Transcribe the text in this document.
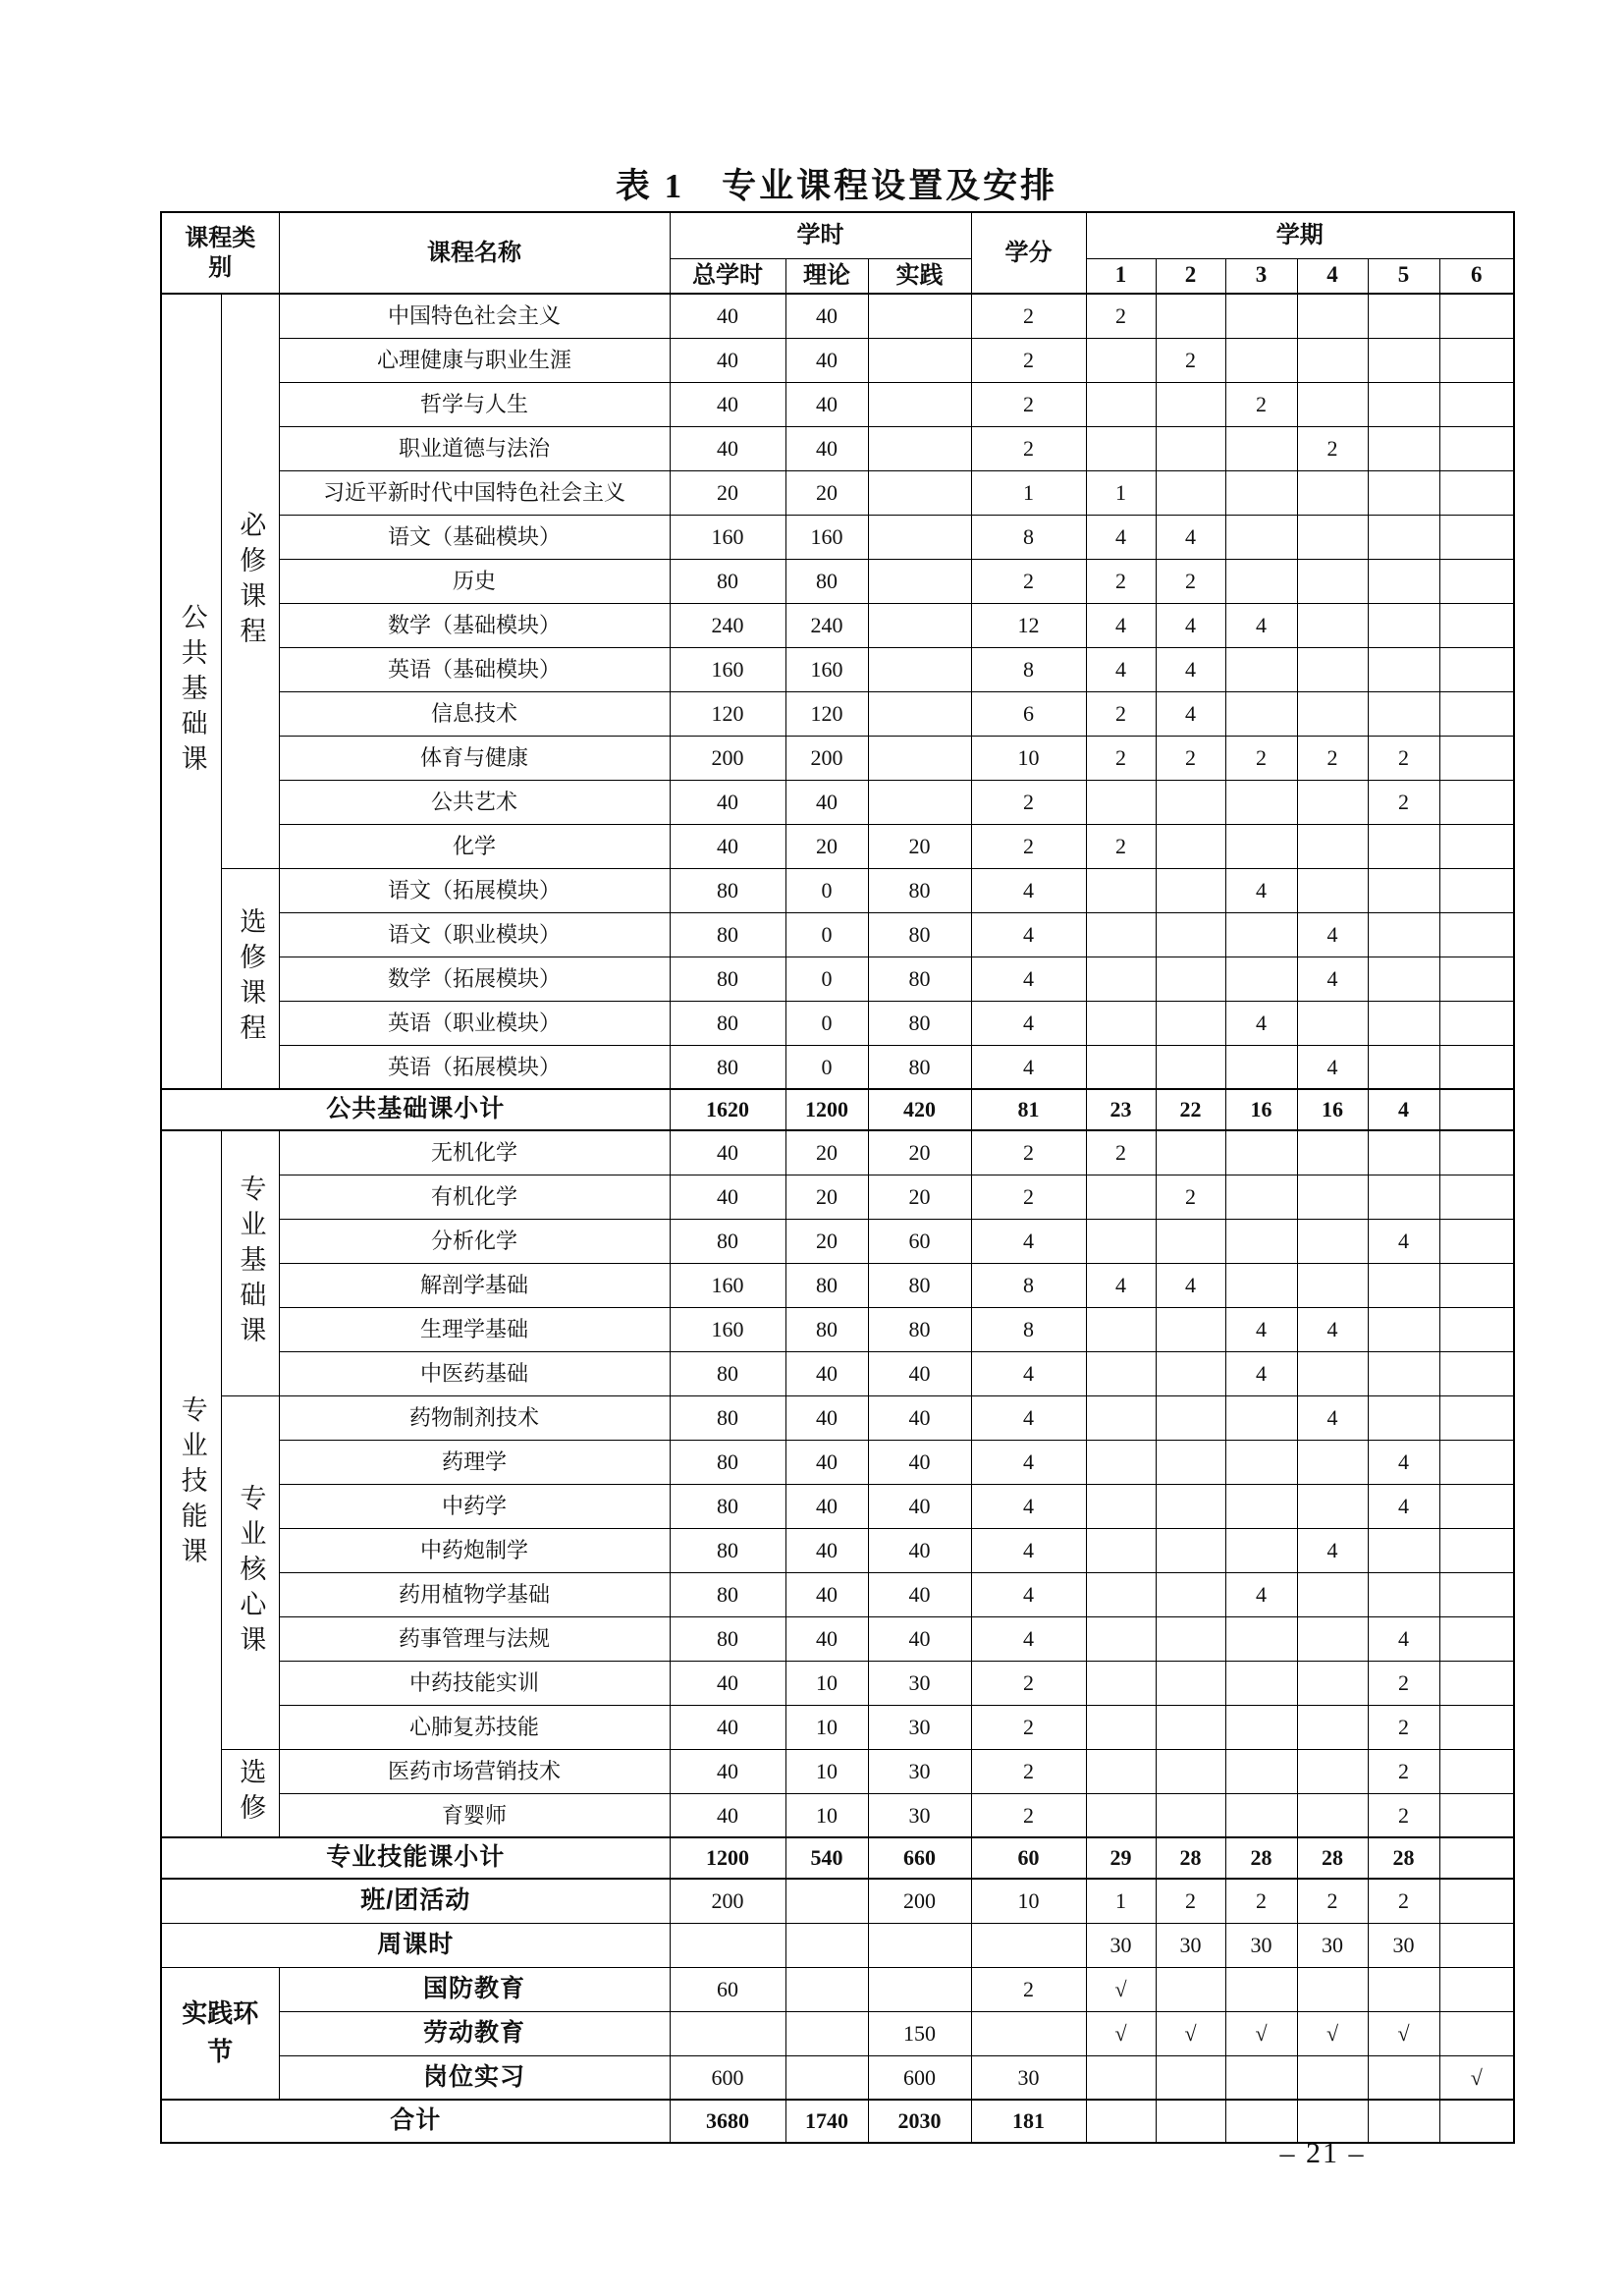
表 1　专业课程设置及安排
课程类别		课程名称	学时			学分	学期					
			总学时	理论	实践		1	2	3	4	5	6
公共基础课	必修课程	中国特色社会主义	40	40		2	2					
		心理健康与职业生涯	40	40		2		2				
		哲学与人生	40	40		2			2			
		职业道德与法治	40	40		2				2		
		习近平新时代中国特色社会主义	20	20		1	1					
		语文（基础模块）	160	160		8	4	4				
		历史	80	80		2	2	2				
		数学（基础模块）	240	240		12	4	4	4			
		英语（基础模块）	160	160		8	4	4				
		信息技术	120	120		6	2	4				
		体育与健康	200	200		10	2	2	2	2	2	
		公共艺术	40	40		2					2	
		化学	40	20	20	2	2					
	选修课程	语文（拓展模块）	80	0	80	4			4			
		语文（职业模块）	80	0	80	4				4		
		数学（拓展模块）	80	0	80	4				4		
		英语（职业模块）	80	0	80	4			4			
		英语（拓展模块）	80	0	80	4				4		
公共基础课小计			1620	1200	420	81	23	22	16	16	4	
专业技能课	专业基础课	无机化学	40	20	20	2	2					
		有机化学	40	20	20	2		2				
		分析化学	80	20	60	4					4	
		解剖学基础	160	80	80	8	4	4				
		生理学基础	160	80	80	8			4	4		
		中医药基础	80	40	40	4			4			
	专业核心课	药物制剂技术	80	40	40	4				4		
		药理学	80	40	40	4					4	
		中药学	80	40	40	4					4	
		中药炮制学	80	40	40	4				4		
		药用植物学基础	80	40	40	4			4			
		药事管理与法规	80	40	40	4					4	
		中药技能实训	40	10	30	2					2	
		心肺复苏技能	40	10	30	2					2	
	选修	医药市场营销技术	40	10	30	2					2	
		育婴师	40	10	30	2					2	
专业技能课小计			1200	540	660	60	29	28	28	28	28	
班/团活动			200		200	10	1	2	2	2	2	
周课时							30	30	30	30	30	
实践环节		国防教育	60			2	√					
		劳动教育			150		√	√	√	√	√	
		岗位实习	600		600	30						√
合计			3680	1740	2030	181						
– 21 –
